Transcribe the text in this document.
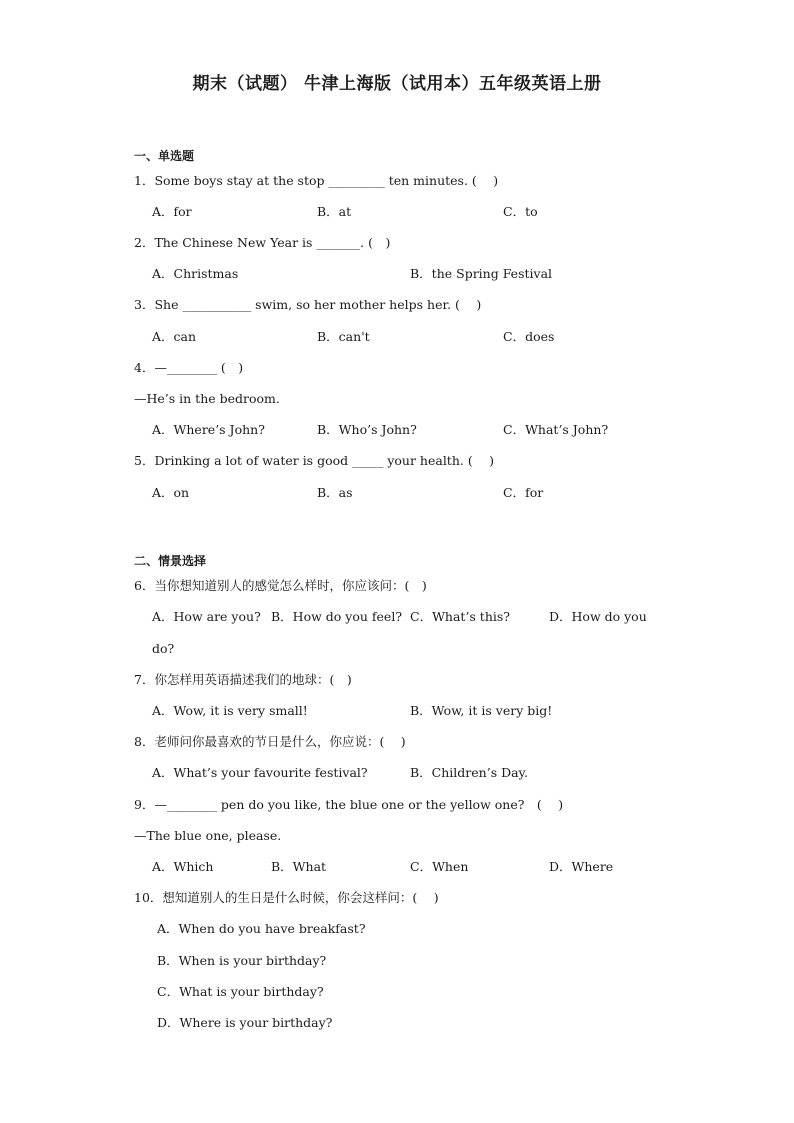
期末（试题） 牛津上海版（试用本）五年级英语上册
一、单选题
1．Some boys stay at the stop _________ ten minutes. (　 )
A．for	B．at	C．to
2．The Chinese New Year is _______. (　)
A．Christmas	B．the Spring Festival
3．She ___________ swim, so her mother helps her. (　 )
A．can	B．can't	C．does
4．—________ (　)
—He’s in the bedroom.
A．Where’s John?	B．Who’s John?	C．What’s John?
5．Drinking a lot of water is good _____ your health. (　 )
A．on	B．as	C．for
二、情景选择
6．当你想知道别人的感觉怎么样时，你应该问：(　)
A．How are you? B．How do you feel? C．What’s this?	D．How do you
do?
7．你怎样用英语描述我们的地球：(　)
A．Wow, it is very small!	B．Wow, it is very big!
8．老师问你最喜欢的节日是什么，你应说：(　 )
A．What’s your favourite festival?	B．Children’s Day.
9．—________ pen do you like, the blue one or the yellow one?　(　 )
—The blue one, please.
A．Which	B．What	C．When	D．Where
10．想知道别人的生日是什么时候，你会这样问：(　 )
A．When do you have breakfast?
B．When is your birthday?
C．What is your birthday?
D．Where is your birthday?
